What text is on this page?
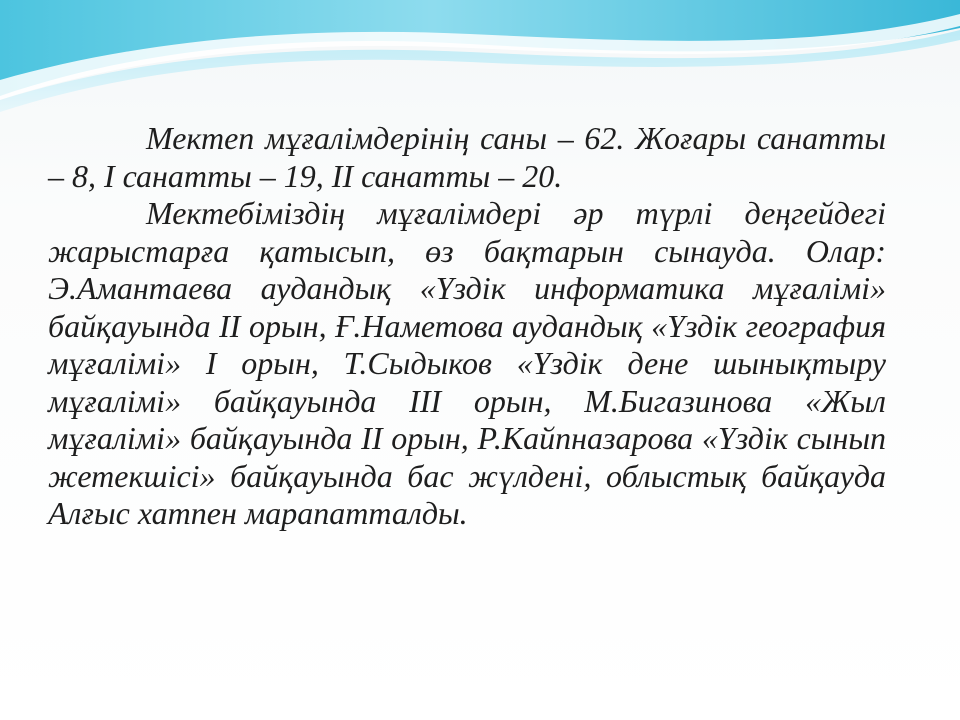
Мектеп мұғалімдерінің саны – 62. Жоғары санатты – 8, І санатты – 19, ІІ санатты – 20.

Мектебіміздің мұғалімдері әр түрлі деңгейдегі жарыстарға қатысып, өз бақтарын сынауда. Олар: Э.Амантаева аудандық «Үздік информатика мұғалімі» байқауында ІІ орын, Ғ.Наметова аудандық «Үздік география мұғалімі» І орын, Т.Сыдыков «Үздік дене шынықтыру мұғалімі» байқауында ІІІ орын, М.Бигазинова «Жыл мұғалімі» байқауында ІІ орын, Р.Кайпназарова «Үздік сынып жетекшісі» байқауында бас жүлдені, облыстық байқауда Алғыс хатпен марапатталды.
